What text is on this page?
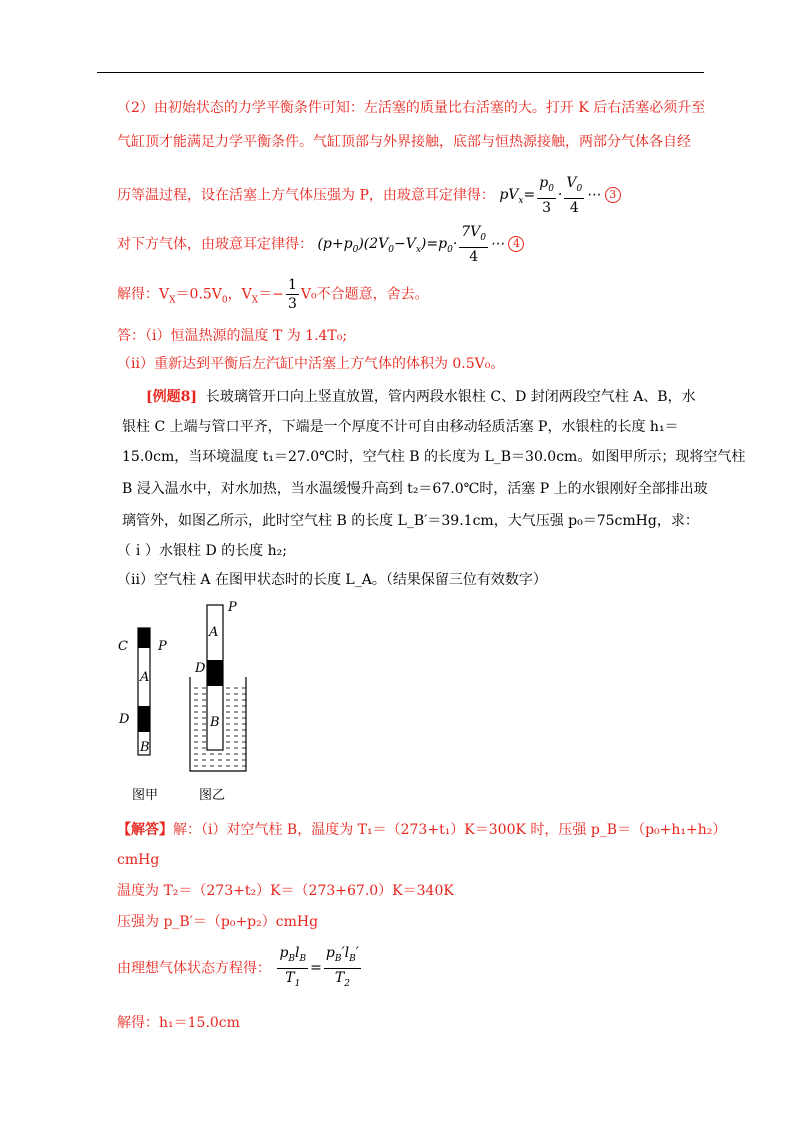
（2）由初始状态的力学平衡条件可知：左活塞的质量比右活塞的大。打开 K 后右活塞必须升至
气缸顶才能满足力学平衡条件。气缸顶部与外界接触，底部与恒热源接触，两部分气体各自经
历等温过程，设在活塞上方气体压强为 P，由玻意耳定律得： $pV_x= \frac{p_0}{3} \cdot \frac{V_0}{4}$ ⋯ 3
对下方气体，由玻意耳定律得： $(p+p_0)(2V_0-V_x)=p_0\cdot \frac{7V_0}{4}$ ⋯ 4
解得：$V_X=0.5V_0$，$V_X=- \frac{1}{3} V_0$不合题意，舍去。
答：（i）恒温热源的温度 T 为 1.4T₀;
（ii）重新达到平衡后左汽缸中活塞上方气体的体积为 0.5V₀。
[例题8] 长玻璃管开口向上竖直放置，管内两段水银柱 C、D 封闭两段空气柱 A、B，水
银柱 C 上端与管口平齐，下端是一个厚度不计可自由移动轻质活塞 P，水银柱的长度 h₁＝
15.0cm，当环境温度 t₁＝27.0℃时，空气柱 B 的长度为 L_B＝30.0cm。如图甲所示；现将空气柱
B 浸入温水中，对水加热，当水温缓慢升高到 t₂＝67.0℃时，活塞 P 上的水银刚好全部排出玻
璃管外，如图乙所示，此时空气柱 B 的长度 L_B′＝39.1cm，大气压强 p₀＝75cmHg，求：
（ｉ）水银柱 D 的长度 h₂;
（ii）空气柱 A 在图甲状态时的长度 L_A。（结果保留三位有效数字）
C P
A
D
B
P
A
D
B
图甲	图乙
【解答】解：（i）对空气柱 B，温度为 T₁＝（273+t₁）K＝300K 时，压强 p_B＝（p₀+h₁+h₂）
cmHg
温度为 T₂＝（273+t₂）K＝（273+67.0）K＝340K
压强为 p_B′＝（p₀+p₂）cmHg
由理想气体状态方程得： $\frac{p_Bl_B}{T_1} = \frac{p_B'l_B'}{T_2}$
解得：h₁＝15.0cm
